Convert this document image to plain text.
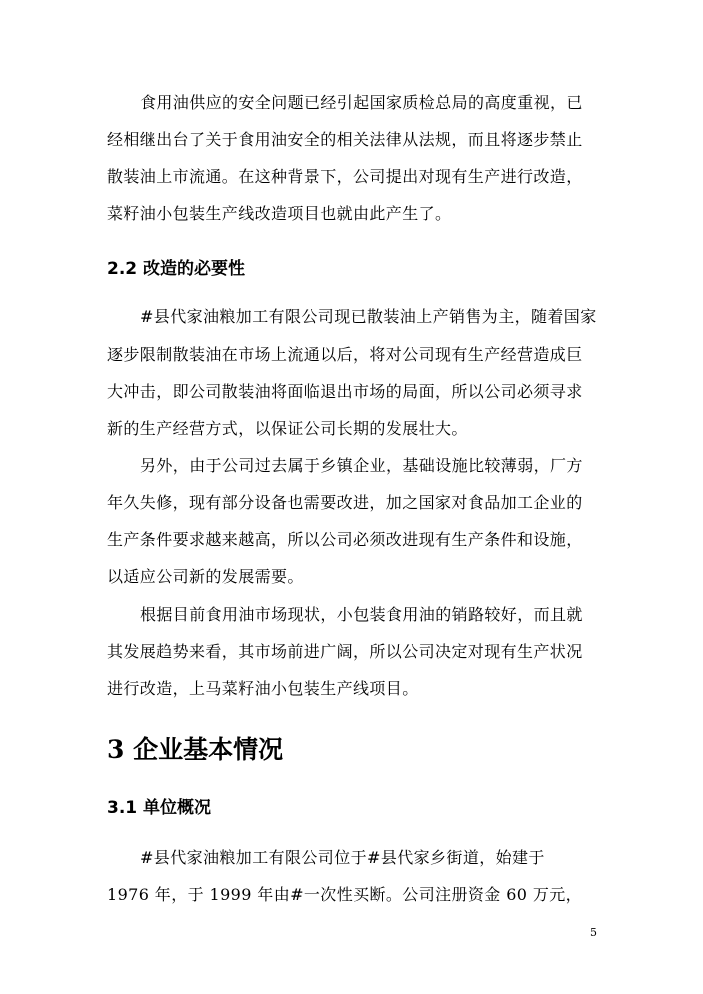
食用油供应的安全问题已经引起国家质检总局的高度重视，已
经相继出台了关于食用油安全的相关法律从法规，而且将逐步禁止
散装油上市流通。在这种背景下，公司提出对现有生产进行改造，
菜籽油小包装生产线改造项目也就由此产生了。
2.2 改造的必要性
#县代家油粮加工有限公司现已散装油上产销售为主，随着国家
逐步限制散装油在市场上流通以后，将对公司现有生产经营造成巨
大冲击，即公司散装油将面临退出市场的局面，所以公司必须寻求
新的生产经营方式，以保证公司长期的发展壮大。
另外，由于公司过去属于乡镇企业，基础设施比较薄弱，厂方
年久失修，现有部分设备也需要改进，加之国家对食品加工企业的
生产条件要求越来越高，所以公司必须改进现有生产条件和设施，
以适应公司新的发展需要。
根据目前食用油市场现状，小包装食用油的销路较好，而且就
其发展趋势来看，其市场前进广阔，所以公司决定对现有生产状况
进行改造，上马菜籽油小包装生产线项目。
3 企业基本情况
3.1 单位概况
#县代家油粮加工有限公司位于#县代家乡街道，始建于
1976 年，于 1999 年由#一次性买断。公司注册资金 60 万元，
5
